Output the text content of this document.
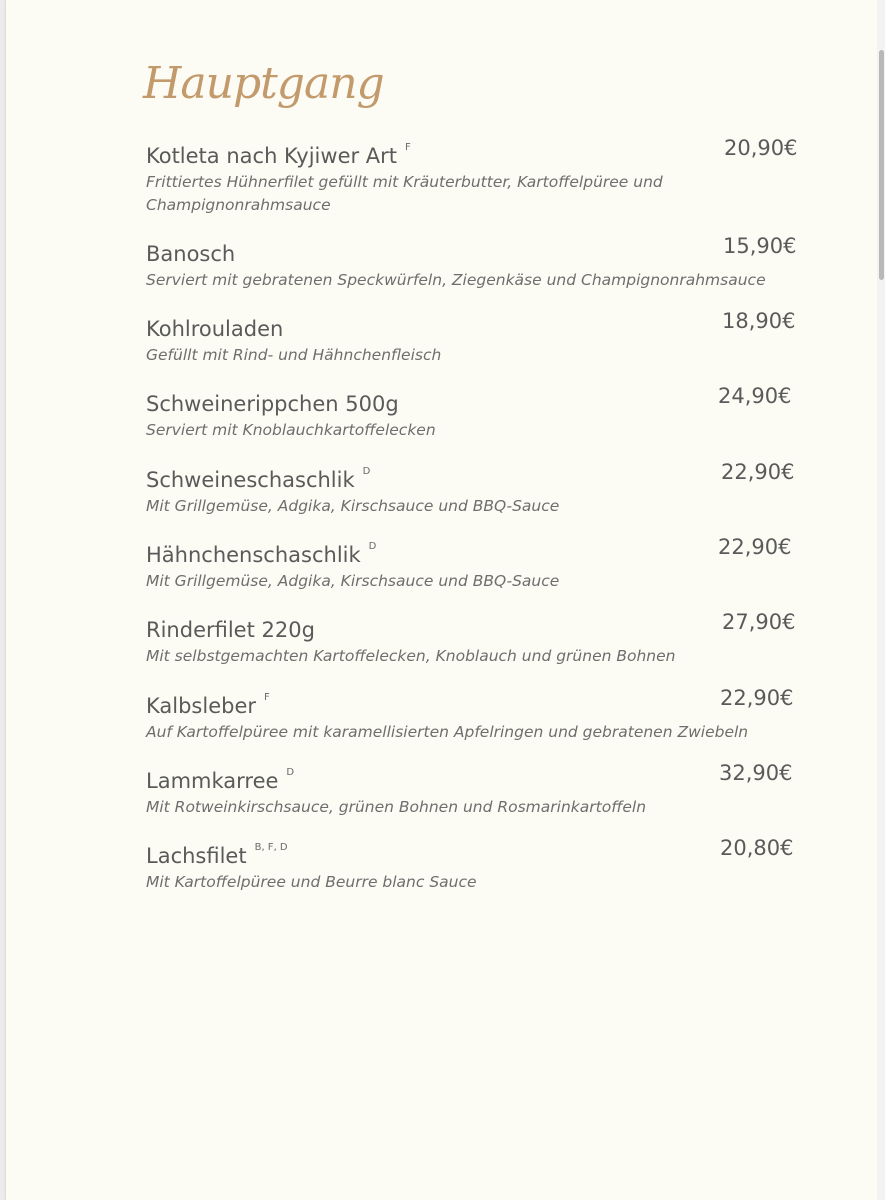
Hauptgang
Kotleta nach Kyjiwer Art $^F$	20,90€
Frittiertes Hühnerfilet gefüllt mit Kräuterbutter, Kartoffelpüree und Champignonrahmsauce
Banosch	15,90€
Serviert mit gebratenen Speckwürfeln, Ziegenkäse und Champignonrahmsauce
Kohlrouladen	18,90€
Gefüllt mit Rind- und Hähnchenfleisch
Schweinerippchen 500g	24,90€
Serviert mit Knoblauchkartoffelecken
Schweineschaschlik $^D$	22,90€
Mit Grillgemüse, Adgika, Kirschsauce und BBQ-Sauce
Hähnchenschaschlik $^D$	22,90€
Mit Grillgemüse, Adgika, Kirschsauce und BBQ-Sauce
Rinderfilet 220g	27,90€
Mit selbstgemachten Kartoffelecken, Knoblauch und grünen Bohnen
Kalbsleber $^F$	22,90€
Auf Kartoffelpüree mit karamellisierten Apfelringen und gebratenen Zwiebeln
Lammkarree $^D$	32,90€
Mit Rotweinkirschsauce, grünen Bohnen und Rosmarinkartoffeln
Lachsfilet $^{B, F, D}$	20,80€
Mit Kartoffelpüree und Beurre blanc Sauce
